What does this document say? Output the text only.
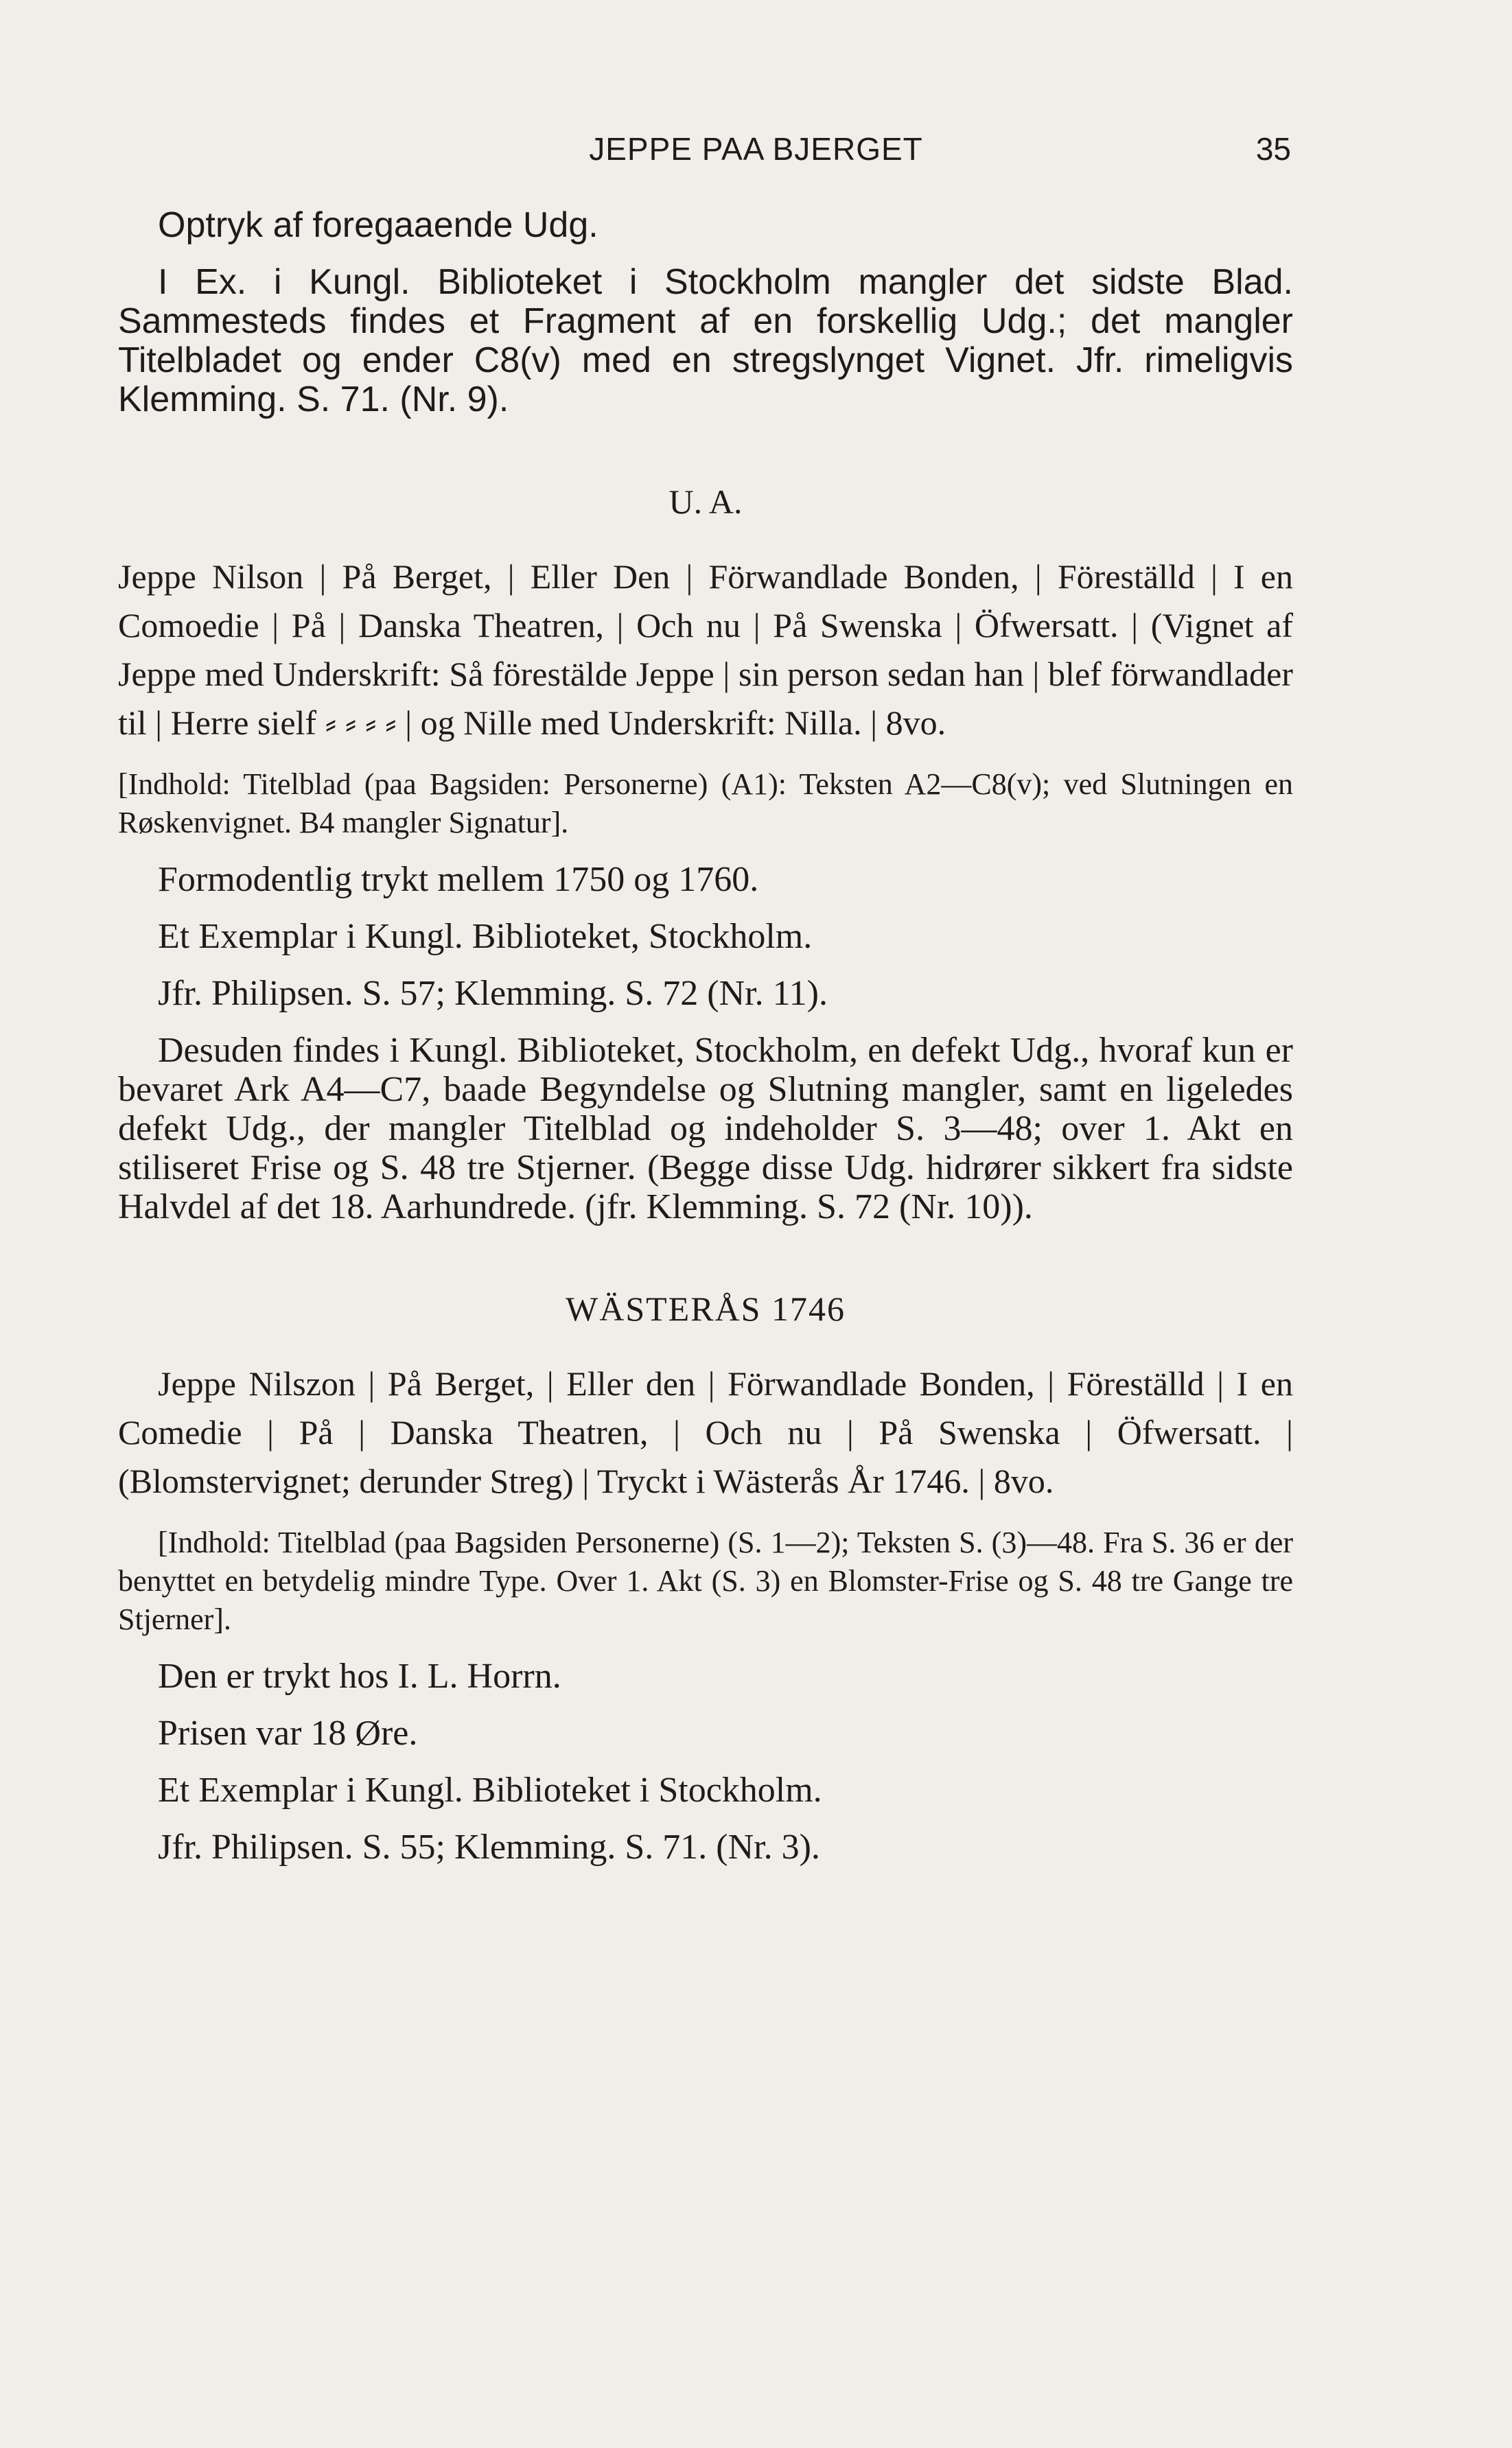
JEPPE PAA BJERGET	35

Optryk af foregaaende Udg.

I Ex. i Kungl. Biblioteket i Stockholm mangler det sidste Blad. Sammesteds findes et Fragment af en forskellig Udg.; det mangler Titelbladet og ender C8(v) med en stregslynget Vignet. Jfr. rimeligvis Klemming. S. 71. (Nr. 9).

U. A.

Jeppe Nilson | På Berget, | Eller Den | Förwandlade Bonden, | Föreställd | I en Comoedie | På | Danska Theatren, | Och nu | På Swenska | Öfwersatt. | (Vignet af Jeppe med Underskrift: Så förestälde Jeppe | sin person sedan han | blef förwandlader til | Herre sielf ⸗ ⸗ ⸗ ⸗ | og Nille med Underskrift: Nilla. | 8vo.

[Indhold: Titelblad (paa Bagsiden: Personerne) (A1): Teksten A2—C8(v); ved Slutningen en Røskenvignet. B4 mangler Signatur].

Formodentlig trykt mellem 1750 og 1760.

Et Exemplar i Kungl. Biblioteket, Stockholm.

Jfr. Philipsen. S. 57; Klemming. S. 72 (Nr. 11).

Desuden findes i Kungl. Biblioteket, Stockholm, en defekt Udg., hvoraf kun er bevaret Ark A4—C7, baade Begyndelse og Slutning mangler, samt en ligeledes defekt Udg., der mangler Titelblad og indeholder S. 3—48; over 1. Akt en stiliseret Frise og S. 48 tre Stjerner. (Begge disse Udg. hidrører sikkert fra sidste Halvdel af det 18. Aarhundrede. (jfr. Klemming. S. 72 (Nr. 10)).

WÄSTERÅS 1746

Jeppe Nilszon | På Berget, | Eller den | Förwandlade Bonden, | Föreställd | I en Comedie | På | Danska Theatren, | Och nu | På Swenska | Öfwersatt. | (Blomstervignet; derunder Streg) | Tryckt i Wästerås År 1746. | 8vo.

[Indhold: Titelblad (paa Bagsiden Personerne) (S. 1—2); Teksten S. (3)—48. Fra S. 36 er der benyttet en betydelig mindre Type. Over 1. Akt (S. 3) en Blomster-Frise og S. 48 tre Gange tre Stjerner].

Den er trykt hos I. L. Horrn.

Prisen var 18 Øre.

Et Exemplar i Kungl. Biblioteket i Stockholm.

Jfr. Philipsen. S. 55; Klemming. S. 71. (Nr. 3).
